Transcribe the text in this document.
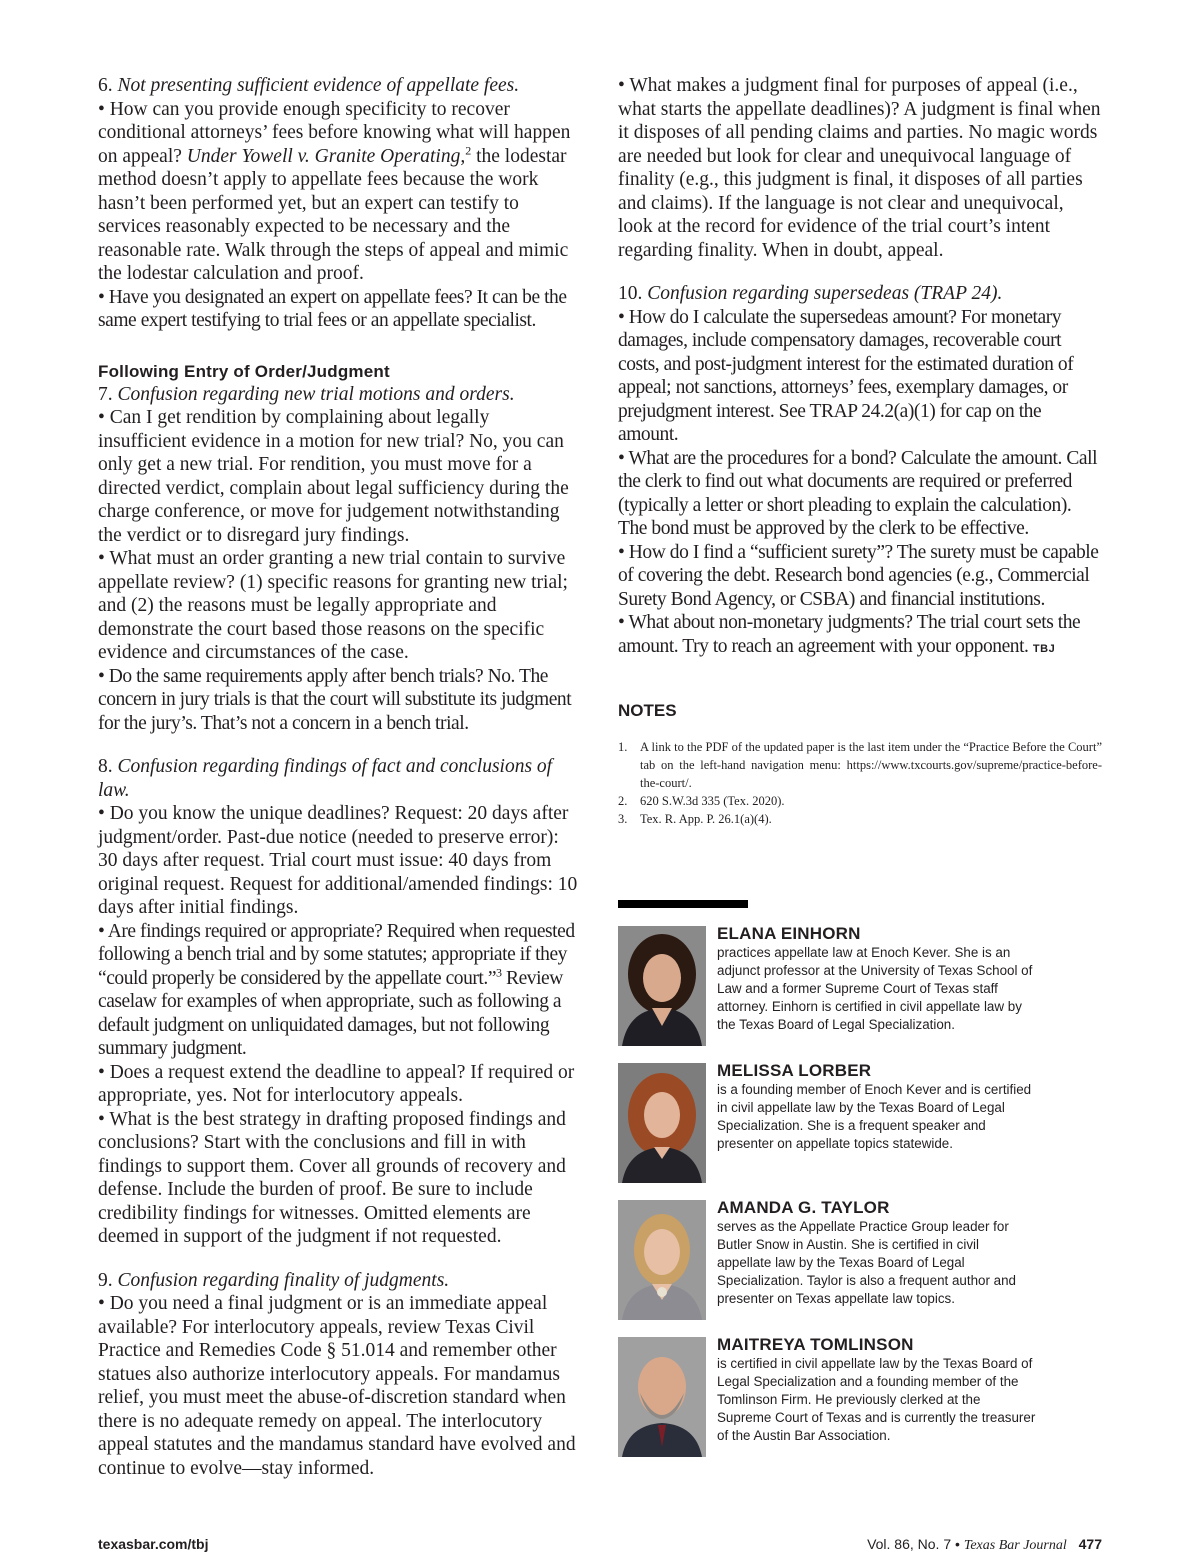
6. Not presenting sufficient evidence of appellate fees.

• How can you provide enough specificity to recover conditional attorneys’ fees before knowing what will happen on appeal? Under Yowell v. Granite Operating,$^2$ the lodestar method doesn’t apply to appellate fees because the work hasn’t been performed yet, but an expert can testify to services reasonably expected to be necessary and the reasonable rate. Walk through the steps of appeal and mimic the lodestar calculation and proof.

• Have you designated an expert on appellate fees? It can be the same expert testifying to trial fees or an appellate specialist.

Following Entry of Order/Judgment

7. Confusion regarding new trial motions and orders.

• Can I get rendition by complaining about legally insufficient evidence in a motion for new trial? No, you can only get a new trial. For rendition, you must move for a directed verdict, complain about legal sufficiency during the charge conference, or move for judgement notwithstanding the verdict or to disregard jury findings.

• What must an order granting a new trial contain to survive appellate review? (1) specific reasons for granting new trial; and (2) the reasons must be legally appropriate and demonstrate the court based those reasons on the specific evidence and circumstances of the case.

• Do the same requirements apply after bench trials? No. The concern in jury trials is that the court will substitute its judgment for the jury’s. That’s not a concern in a bench trial.

8. Confusion regarding findings of fact and conclusions of law.

• Do you know the unique deadlines? Request: 20 days after judgment/order. Past-due notice (needed to preserve error): 30 days after request. Trial court must issue: 40 days from original request. Request for additional/amended findings: 10 days after initial findings.

• Are findings required or appropriate? Required when requested following a bench trial and by some statutes; appropriate if they “could properly be considered by the appellate court.”$^3$ Review caselaw for examples of when appropriate, such as following a default judgment on unliquidated damages, but not following summary judgment.

• Does a request extend the deadline to appeal? If required or appropriate, yes. Not for interlocutory appeals.

• What is the best strategy in drafting proposed findings and conclusions? Start with the conclusions and fill in with findings to support them. Cover all grounds of recovery and defense. Include the burden of proof. Be sure to include credibility findings for witnesses. Omitted elements are deemed in support of the judgment if not requested.

9. Confusion regarding finality of judgments.

• Do you need a final judgment or is an immediate appeal available? For interlocutory appeals, review Texas Civil Practice and Remedies Code § 51.014 and remember other statues also authorize interlocutory appeals. For mandamus relief, you must meet the abuse-of-discretion standard when there is no adequate remedy on appeal. The interlocutory appeal statutes and the mandamus standard have evolved and continue to evolve—stay informed.

• What makes a judgment final for purposes of appeal (i.e., what starts the appellate deadlines)? A judgment is final when it disposes of all pending claims and parties. No magic words are needed but look for clear and unequivocal language of finality (e.g., this judgment is final, it disposes of all parties and claims). If the language is not clear and unequivocal, look at the record for evidence of the trial court’s intent regarding finality. When in doubt, appeal.

10. Confusion regarding supersedeas (TRAP 24).

• How do I calculate the supersedeas amount? For monetary damages, include compensatory damages, recoverable court costs, and post-judgment interest for the estimated duration of appeal; not sanctions, attorneys’ fees, exemplary damages, or prejudgment interest. See TRAP 24.2(a)(1) for cap on the amount.

• What are the procedures for a bond? Calculate the amount. Call the clerk to find out what documents are required or preferred (typically a letter or short pleading to explain the calculation). The bond must be approved by the clerk to be effective.

• How do I find a “sufficient surety”? The surety must be capable of covering the debt. Research bond agencies (e.g., Commercial Surety Bond Agency, or CSBA) and financial institutions.

• What about non-monetary judgments? The trial court sets the amount. Try to reach an agreement with your opponent. TBJ

NOTES
1.	A link to the PDF of the updated paper is the last item under the “Practice Before the Court” tab on the left-hand navigation menu: https://www.txcourts.gov/supreme/practice-before-the-court/.
2.	620 S.W.3d 335 (Tex. 2020).
3.	Tex. R. App. P. 26.1(a)(4).
ELANA EINHORN
practices appellate law at Enoch Kever. She is an adjunct professor at the University of Texas School of Law and a former Supreme Court of Texas staff attorney. Einhorn is certified in civil appellate law by the Texas Board of Legal Specialization.
MELISSA LORBER
is a founding member of Enoch Kever and is certified in civil appellate law by the Texas Board of Legal Specialization. She is a frequent speaker and presenter on appellate topics statewide.
AMANDA G. TAYLOR
serves as the Appellate Practice Group leader for Butler Snow in Austin. She is certified in civil appellate law by the Texas Board of Legal Specialization. Taylor is also a frequent author and presenter on Texas appellate law topics.
MAITREYA TOMLINSON
is certified in civil appellate law by the Texas Board of Legal Specialization and a founding member of the Tomlinson Firm. He previously clerked at the Supreme Court of Texas and is currently the treasurer of the Austin Bar Association.
texasbar.com/tbj	Vol. 86, No. 7 • Texas Bar Journal 477
